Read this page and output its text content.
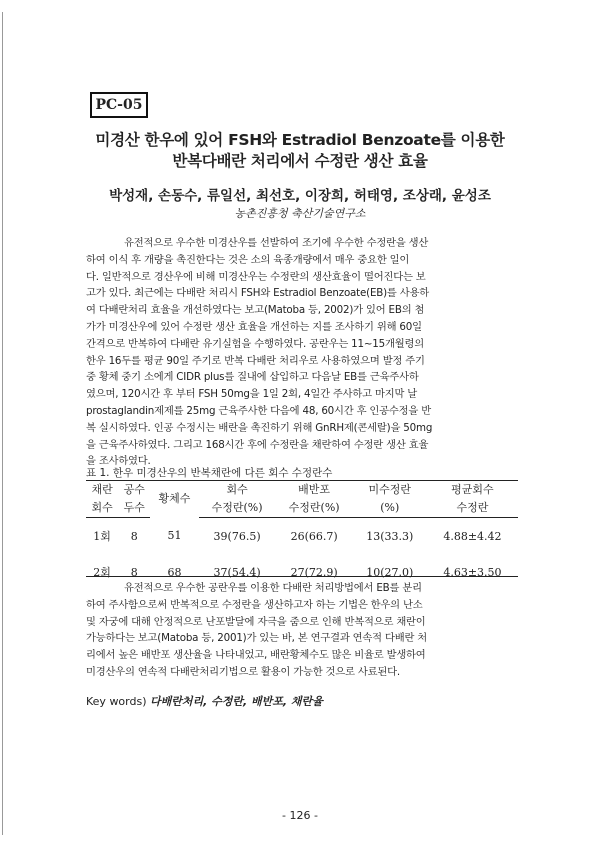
PC-05
미경산 한우에 있어 FSH와 Estradiol Benzoate를 이용한
반복다배란 처리에서 수정란 생산 효율
박성재, 손동수, 류일선, 최선호, 이장희, 허태영, 조상래, 윤성조
농촌진흥청 축산기술연구소
유전적으로 우수한 미경산우를 선발하여 조기에 우수한 수정란을 생산
하여 이식 후 개량을 촉진한다는 것은 소의 육종개량에서 매우 중요한 일이
다. 일반적으로 경산우에 비해 미경산우는 수정란의 생산효율이 떨어진다는 보
고가 있다. 최근에는 다배란 처리시 FSH와 Estradiol Benzoate(EB)를 사용하
여 다배란처리 효율을 개선하였다는 보고(Matoba 등, 2002)가 있어 EB의 첨
가가 미경산우에 있어 수정란 생산 효율을 개선하는 지를 조사하기 위해 60일
간격으로 반복하여 다배란 유기실험을 수행하였다. 공란우는 11~15개월령의
한우 16두를 평균 90일 주기로 반복 다배란 처리우로 사용하였으며 발정 주기
중 황체 중기 소에게 CIDR plus를 질내에 삽입하고 다음날 EB를 근육주사하
였으며, 120시간 후 부터 FSH 50mg을 1일 2회, 4일간 주사하고 마지막 날
prostaglandin제제를 25mg 근육주사한 다음에 48, 60시간 후 인공수정을 반
복 실시하였다. 인공 수정시는 배란을 촉진하기 위해 GnRH제(콘세랄)을 50mg
을 근육주사하였다. 그리고 168시간 후에 수정란을 채란하여 수정란 생산 효율
을 조사하였다.
표 1. 한우 미경산우의 반복채란에 다른 회수 수정란수
채란	공수	황체수	회수	배반포	미수정란	평균회수
회수	두수		수정란(%)	수정란(%)	(%)	수정란
1회	8	51	39(76.5)	26(66.7)	13(33.3)	4.88±4.42
2회	8	68	37(54.4)	27(72.9)	10(27.0)	4.63±3.50
유전적으로 우수한 공란우를 이용한 다배란 처리방법에서 EB를 분리
하여 주사함으로써 반복적으로 수정란을 생산하고자 하는 기법은 한우의 난소
및 자궁에 대해 안정적으로 난포발달에 자극을 줌으로 인해 반복적으로 채란이
가능하다는 보고(Matoba 등, 2001)가 있는 바, 본 연구결과 연속적 다배란 처
리에서 높은 배반포 생산율을 나타내었고, 배란황체수도 많은 비율로 발생하여
미경산우의 연속적 다배란처리기법으로 활용이 가능한 것으로 사료된다.
Key words) 다배란처리, 수정란, 배반포, 채란율
- 126 -
